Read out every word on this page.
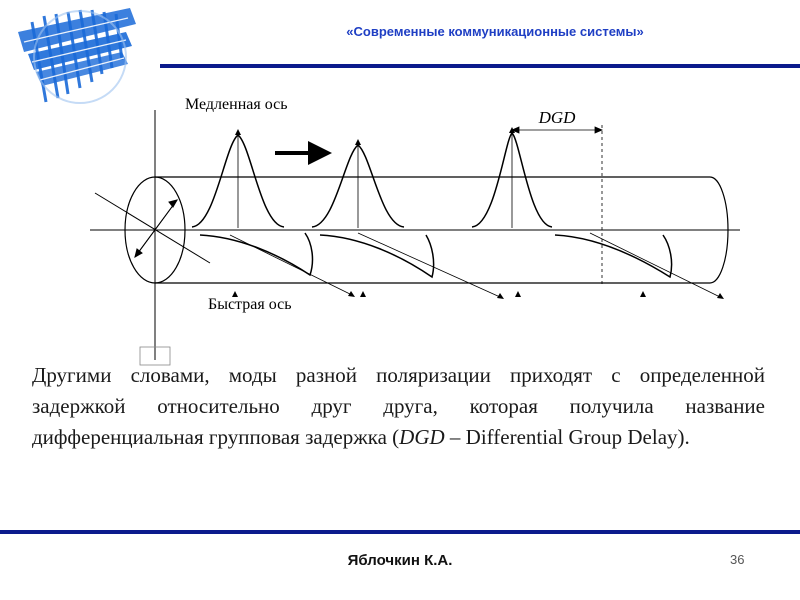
«Современные коммуникационные системы»
DGD
Медленная ось
Быстрая ось
Другими словами, моды разной поляризации приходят с определенной задержкой относительно друг друга, которая получила название дифференциальная групповая задержка (DGD – Differential Group Delay).
Яблочкин К.А.	36
